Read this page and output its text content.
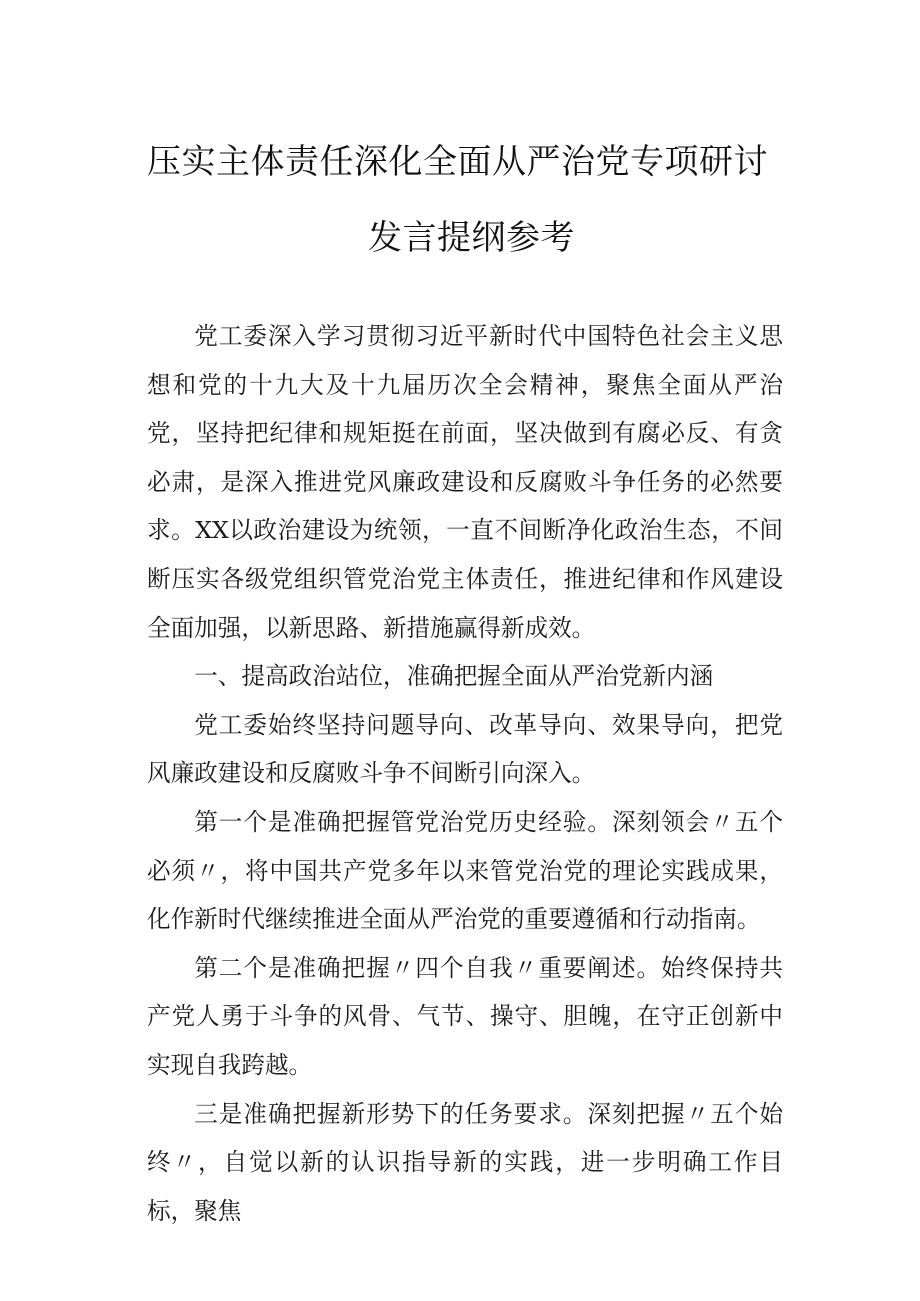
压实主体责任深化全面从严治党专项研讨
发言提纲参考

党工委深入学习贯彻习近平新时代中国特色社会主义思想和党的十九大及十九届历次全会精神，聚焦全面从严治党，坚持把纪律和规矩挺在前面，坚决做到有腐必反、有贪必肃，是深入推进党风廉政建设和反腐败斗争任务的必然要求。XX以政治建设为统领，一直不间断净化政治生态，不间断压实各级党组织管党治党主体责任，推进纪律和作风建设全面加强，以新思路、新措施赢得新成效。

一、提高政治站位，准确把握全面从严治党新内涵

党工委始终坚持问题导向、改革导向、效果导向，把党风廉政建设和反腐败斗争不间断引向深入。

第一个是准确把握管党治党历史经验。深刻领会〃五个必须〃，将中国共产党多年以来管党治党的理论实践成果，化作新时代继续推进全面从严治党的重要遵循和行动指南。

第二个是准确把握〃四个自我〃重要阐述。始终保持共产党人勇于斗争的风骨、气节、操守、胆魄，在守正创新中实现自我跨越。

三是准确把握新形势下的任务要求。深刻把握〃五个始终〃，自觉以新的认识指导新的实践，进一步明确工作目标，聚焦
